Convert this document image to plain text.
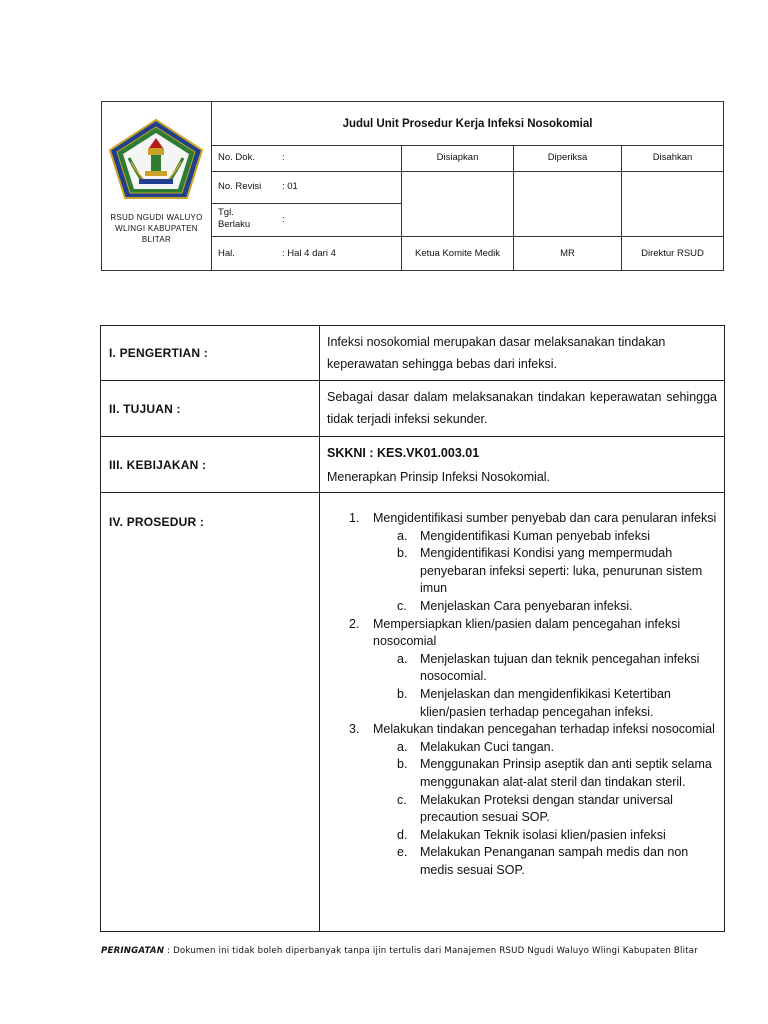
RSUD NGUDI WALUYO
WLINGI KABUPATEN
BLITAR
Judul Unit Prosedur Kerja Infeksi Nosokomial
No. Dok.	:
No. Revisi : 01
Tgl. Berlaku	:
Hal.	: Hal 4 dari 4
Disiapkan	Diperiksa	Disahkan
Ketua Komite Medik	MR	Direktur RSUD
I. PENGERTIAN :
Infeksi nosokomial merupakan dasar melaksanakan tindakan keperawatan sehingga bebas dari infeksi.
II. TUJUAN :
Sebagai dasar dalam melaksanakan tindakan keperawatan sehingga tidak terjadi infeksi sekunder.
III. KEBIJAKAN :
SKKNI : KES.VK01.003.01
Menerapkan Prinsip Infeksi Nosokomial.
IV. PROSEDUR :	1. Mengidentifikasi sumber penyebab dan cara penularan infeksi
a. Mengidentifikasi Kuman penyebab infeksi
b. Mengidentifikasi Kondisi yang mempermudah penyebaran infeksi seperti: luka, penurunan sistem imun
c. Menjelaskan Cara penyebaran infeksi.
2. Mempersiapkan klien/pasien dalam pencegahan infeksi nosocomial
a. Menjelaskan tujuan dan teknik pencegahan infeksi nosocomial.
b. Menjelaskan dan mengidenfikikasi Ketertiban klien/pasien terhadap pencegahan infeksi.
3. Melakukan tindakan pencegahan terhadap infeksi nosocomial
a. Melakukan Cuci tangan.
b. Menggunakan Prinsip aseptik dan anti septik selama menggunakan alat-alat steril dan tindakan steril.
c. Melakukan Proteksi dengan standar universal precaution sesuai SOP.
d. Melakukan Teknik isolasi klien/pasien infeksi
e. Melakukan Penanganan sampah medis dan non medis sesuai SOP.
PERINGATAN : Dokumen ini tidak boleh diperbanyak tanpa ijin tertulis dari Manajemen RSUD Ngudi Waluyo Wlingi Kabupaten Blitar
